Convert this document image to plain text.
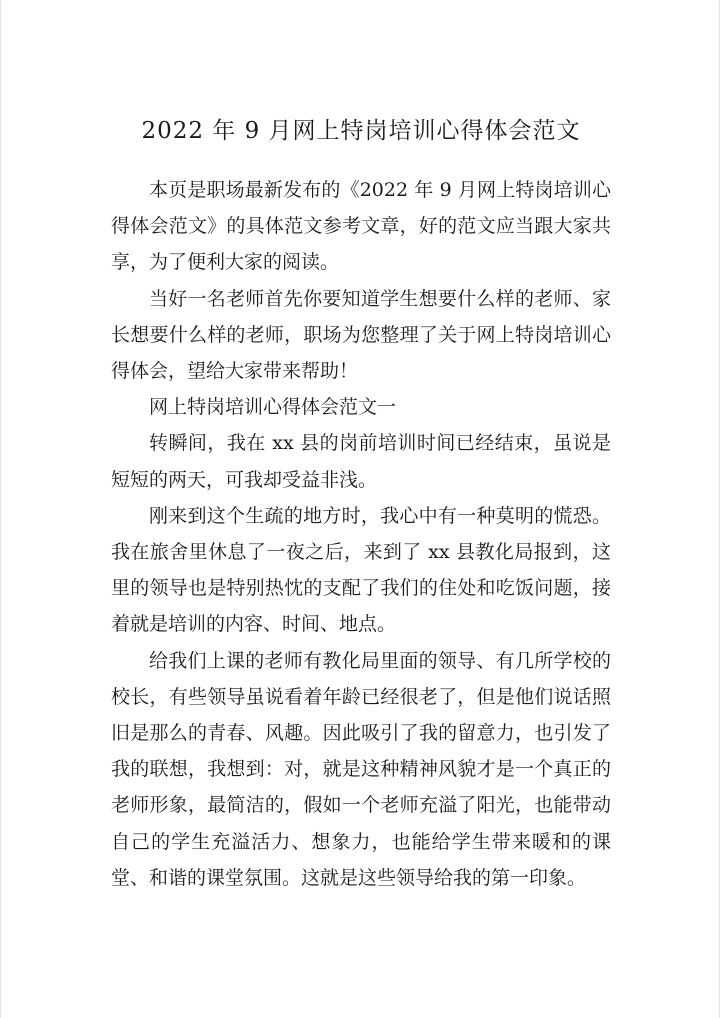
2022 年 9 月网上特岗培训心得体会范文

本页是职场最新发布的《2022 年 9 月网上特岗培训心得体会范文》的具体范文参考文章，好的范文应当跟大家共享，为了便利大家的阅读。

当好一名老师首先你要知道学生想要什么样的老师、家长想要什么样的老师，职场为您整理了关于网上特岗培训心得体会，望给大家带来帮助！

网上特岗培训心得体会范文一

转瞬间，我在 xx 县的岗前培训时间已经结束，虽说是短短的两天，可我却受益非浅。

刚来到这个生疏的地方时，我心中有一种莫明的慌恐。我在旅舍里休息了一夜之后，来到了 xx 县教化局报到，这里的领导也是特别热忱的支配了我们的住处和吃饭问题，接着就是培训的内容、时间、地点。

给我们上课的老师有教化局里面的领导、有几所学校的校长，有些领导虽说看着年龄已经很老了，但是他们说话照旧是那么的青春、风趣。因此吸引了我的留意力，也引发了我的联想，我想到：对，就是这种精神风貌才是一个真正的老师形象，最简洁的，假如一个老师充溢了阳光，也能带动自己的学生充溢活力、想象力，也能给学生带来暖和的课堂、和谐的课堂氛围。这就是这些领导给我的第一印象。
